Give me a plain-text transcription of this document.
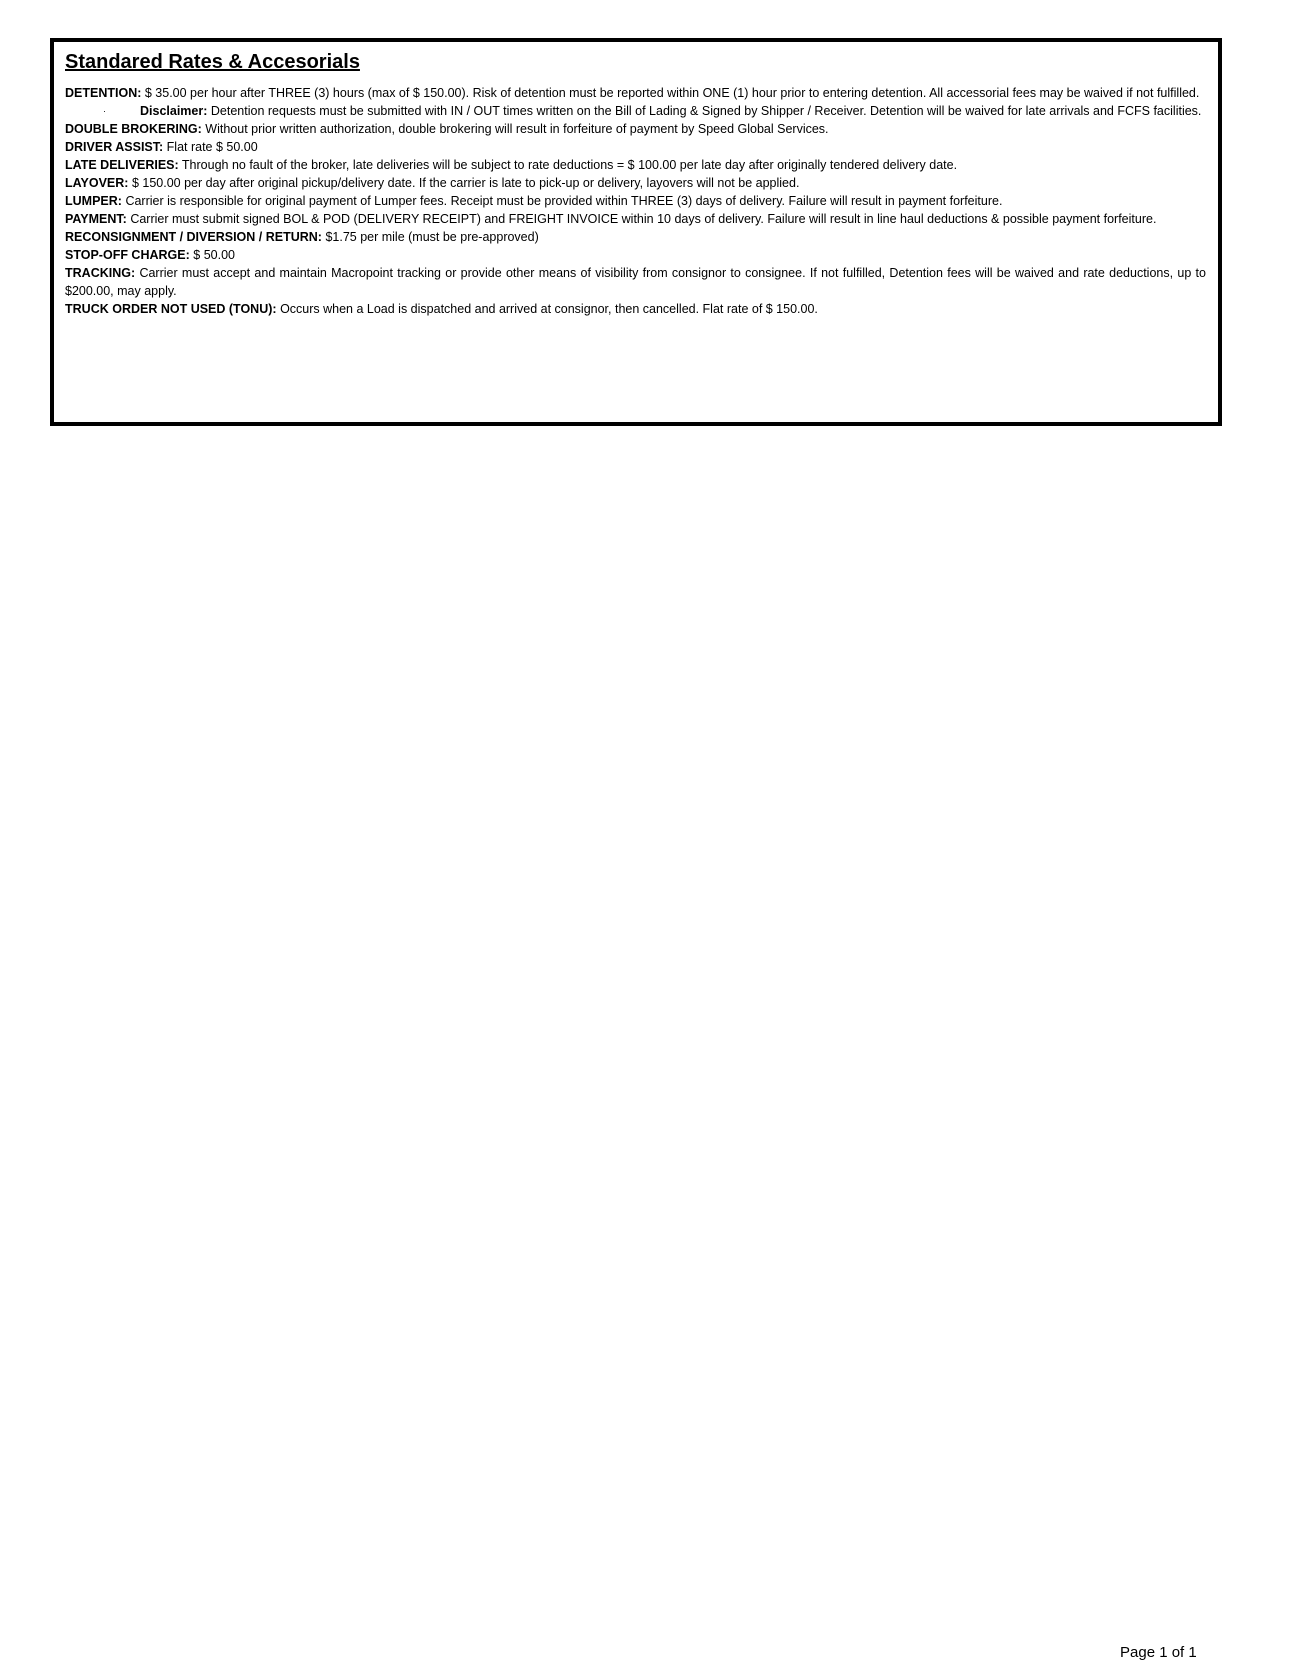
Standared Rates & Accesorials

DETENTION: $ 35.00 per hour after THREE (3) hours (max of $ 150.00). Risk of detention must be reported within ONE (1) hour prior to entering detention. All accessorial fees may be waived if not fulfilled.

·	Disclaimer: Detention requests must be submitted with IN / OUT times written on the Bill of Lading & Signed by Shipper / Receiver. Detention will be waived for late arrivals and FCFS facilities.

DOUBLE BROKERING: Without prior written authorization, double brokering will result in forfeiture of payment by Speed Global Services.

DRIVER ASSIST: Flat rate $ 50.00

LATE DELIVERIES: Through no fault of the broker, late deliveries will be subject to rate deductions = $ 100.00 per late day after originally tendered delivery date.

LAYOVER: $ 150.00 per day after original pickup/delivery date. If the carrier is late to pick-up or delivery, layovers will not be applied.

LUMPER: Carrier is responsible for original payment of Lumper fees. Receipt must be provided within THREE (3) days of delivery. Failure will result in payment forfeiture.

PAYMENT: Carrier must submit signed BOL & POD (DELIVERY RECEIPT) and FREIGHT INVOICE within 10 days of delivery. Failure will result in line haul deductions & possible payment forfeiture.

RECONSIGNMENT / DIVERSION / RETURN: $1.75 per mile (must be pre-approved)

STOP-OFF CHARGE: $ 50.00

TRACKING: Carrier must accept and maintain Macropoint tracking or provide other means of visibility from consignor to consignee. If not fulfilled, Detention fees will be waived and rate deductions, up to $200.00, may apply.

TRUCK ORDER NOT USED (TONU): Occurs when a Load is dispatched and arrived at consignor, then cancelled. Flat rate of $ 150.00.

Page 1 of 1
